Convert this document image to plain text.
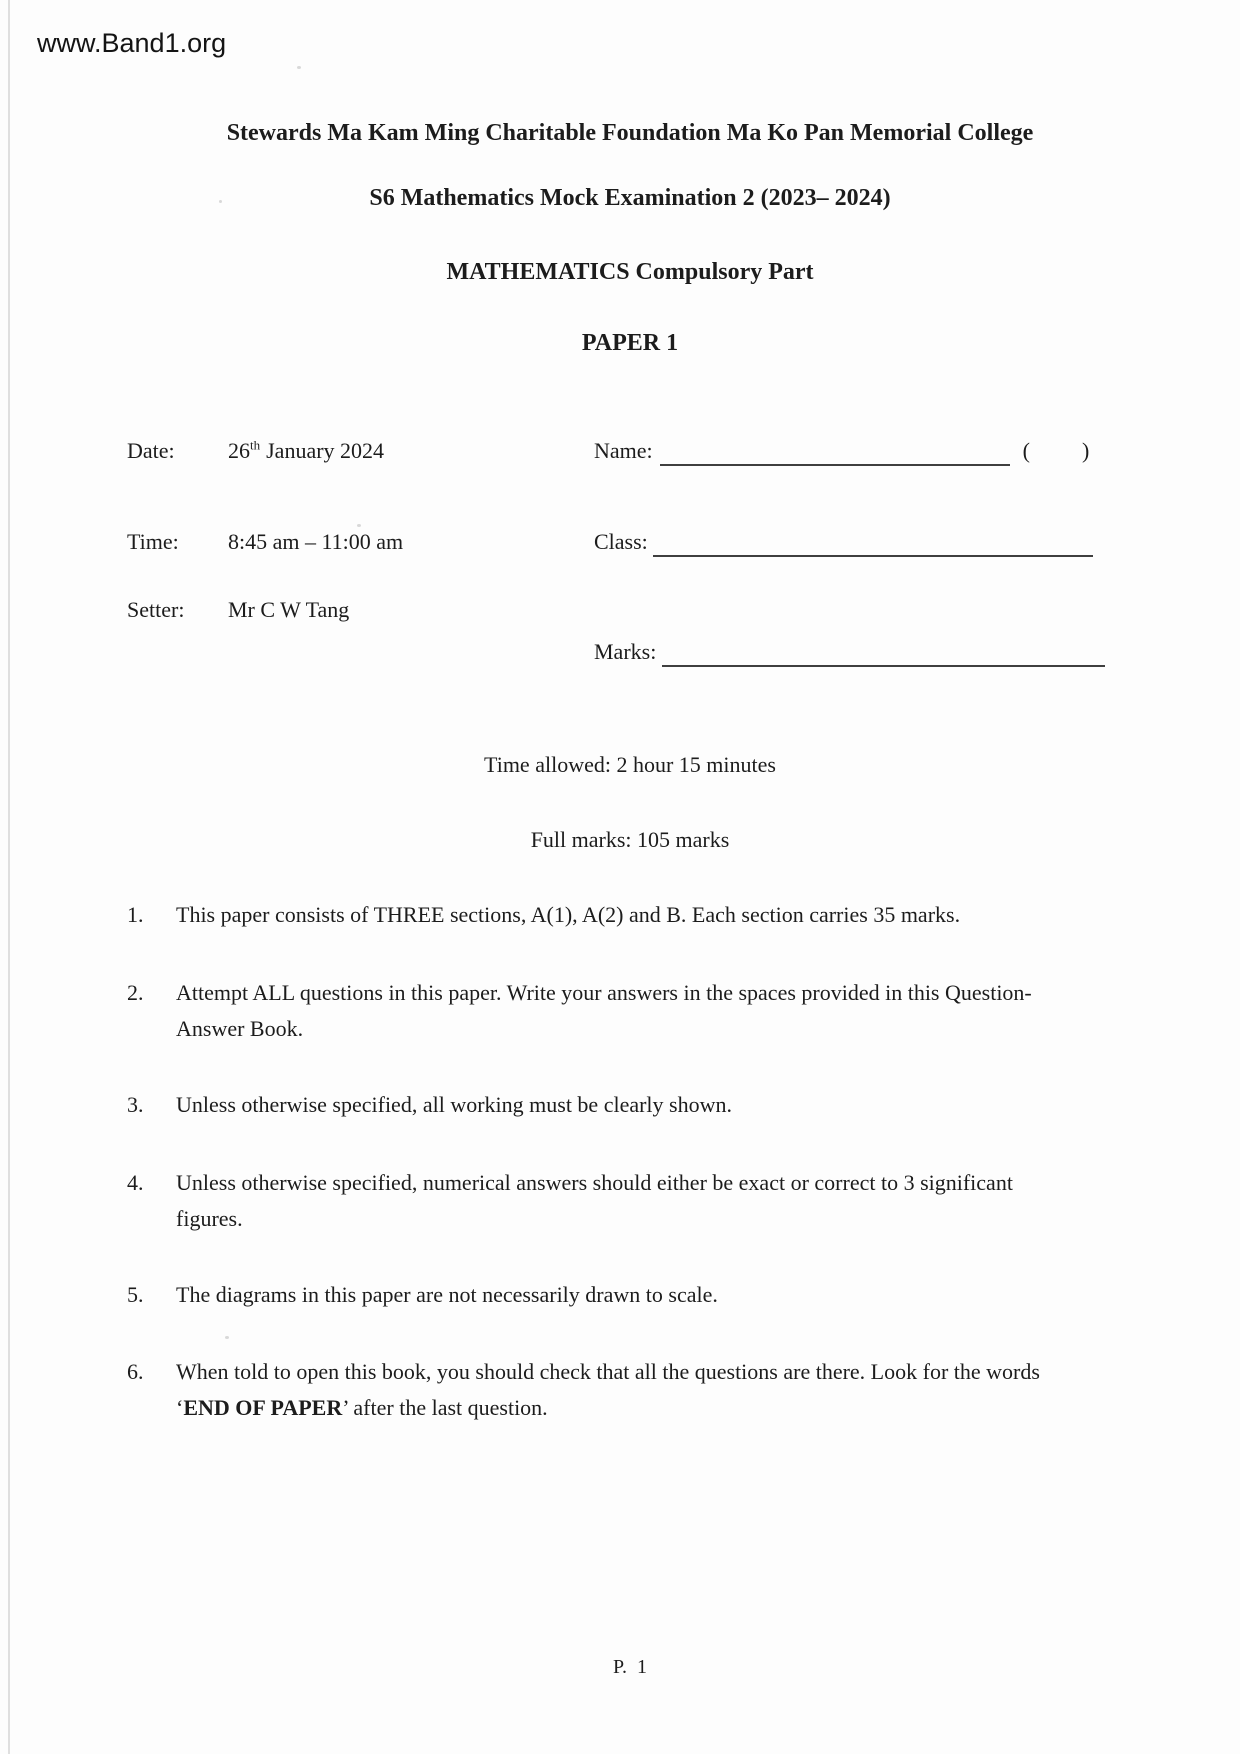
www.Band1.org
Stewards Ma Kam Ming Charitable Foundation Ma Ko Pan Memorial College
S6 Mathematics Mock Examination 2 (2023– 2024)
MATHEMATICS Compulsory Part
PAPER 1
Date: 26th January 2024	Name:	( )
Time: 8:45 am – 11:00 am	Class:
Setter: Mr C W Tang
Marks:
Time allowed: 2 hour 15 minutes
Full marks: 105 marks
1. This paper consists of THREE sections, A(1), A(2) and B. Each section carries 35 marks.
2. Attempt ALL questions in this paper. Write your answers in the spaces provided in this Question-Answer Book.
3. Unless otherwise specified, all working must be clearly shown.
4. Unless otherwise specified, numerical answers should either be exact or correct to 3 significant figures.
5. The diagrams in this paper are not necessarily drawn to scale.
6. When told to open this book, you should check that all the questions are there. Look for the words ‘END OF PAPER’ after the last question.
P.  1
